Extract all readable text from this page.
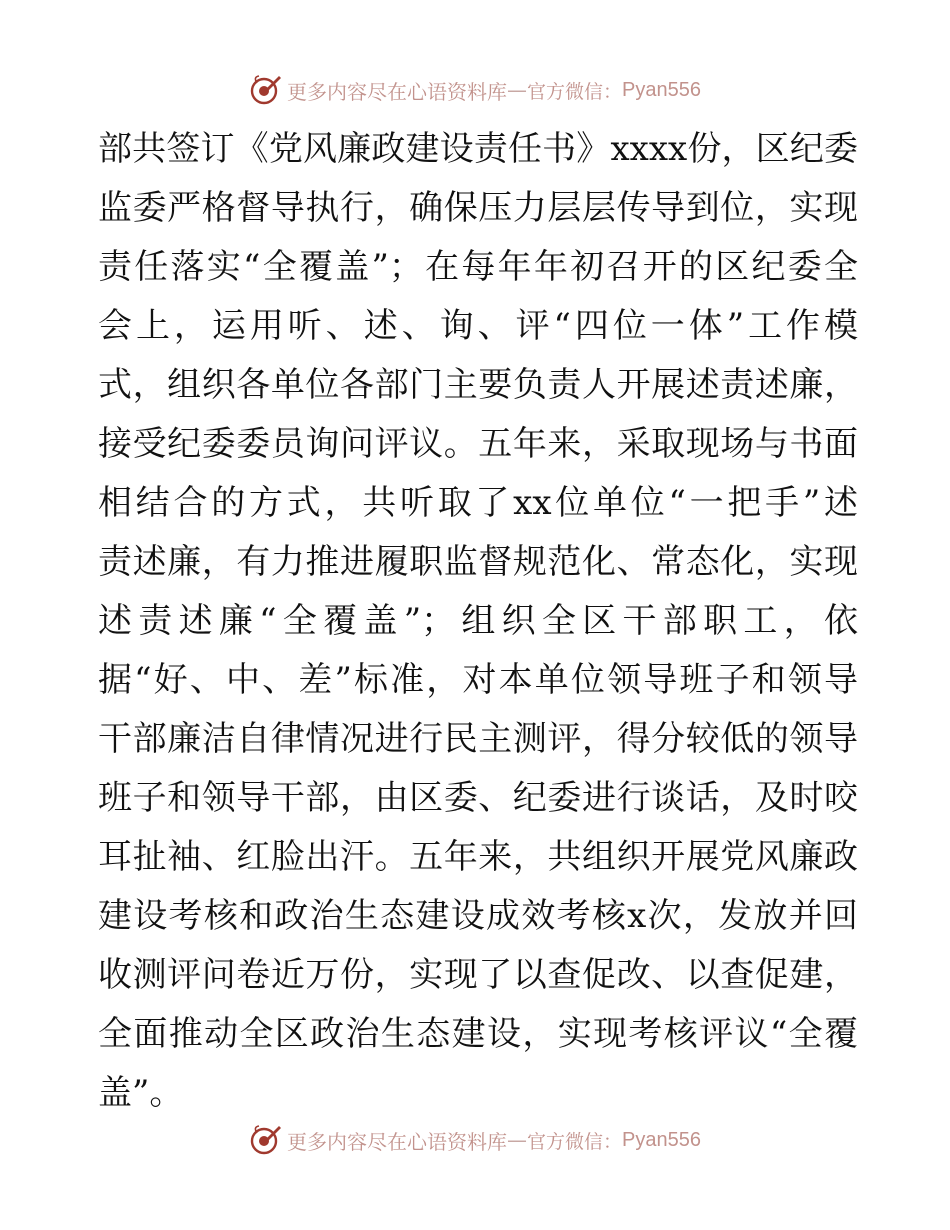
更多内容尽在心语资料库 — 官方微信： Pyan556
部共签订《党风廉政建设责任书》xxxx份，区纪委
监委严格督导执行，确保压力层层传导到位，实现
责任落实“全覆盖”；在每年年初召开的区纪委全
会上，运用听、述、询、评“四位一体”工作模
式，组织各单位各部门主要负责人开展述责述廉，
接受纪委委员询问评议。五年来，采取现场与书面
相结合的方式，共听取了xx位单位“一把手”述
责述廉，有力推进履职监督规范化、常态化，实现
述责述廉“全覆盖”；组织全区干部职工，依
据“好、中、差”标准，对本单位领导班子和领导
干部廉洁自律情况进行民主测评，得分较低的领导
班子和领导干部，由区委、纪委进行谈话，及时咬
耳扯袖、红脸出汗。五年来，共组织开展党风廉政
建设考核和政治生态建设成效考核x次，发放并回
收测评问卷近万份，实现了以查促改、以查促建，
全面推动全区政治生态建设，实现考核评议“全覆
盖”。
更多内容尽在心语资料库 — 官方微信： Pyan556
